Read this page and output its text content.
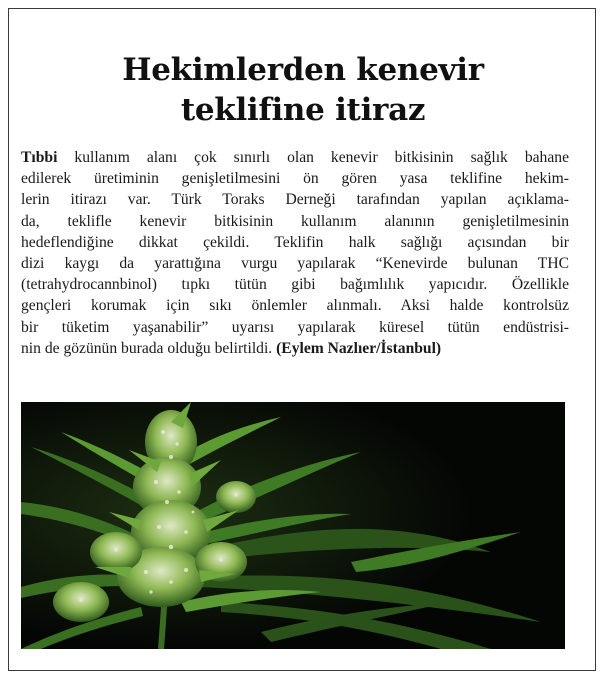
Hekimlerden kenevir
teklifine itiraz
Tıbbi kullanım alanı çok sınırlı olan kenevir bitkisinin sağlık bahane
edilerek üretiminin genişletilmesini ön gören yasa teklifine hekim-
lerin itirazı var. Türk Toraks Derneği tarafından yapılan açıklama-
da, teklifle kenevir bitkisinin kullanım alanının genişletilmesinin
hedeflendiğine dikkat çekildi. Teklifin halk sağlığı açısından bir
dizi kaygı da yarattığına vurgu yapılarak “Kenevirde bulunan THC
(tetrahydrocannbinol) tıpkı tütün gibi bağımlılık yapıcıdır. Özellikle
gençleri korumak için sıkı önlemler alınmalı. Aksi halde kontrolsüz
bir tüketim yaşanabilir” uyarısı yapılarak küresel tütün endüstrisi-
nin de gözünün burada olduğu belirtildi. (Eylem Nazlıer/İstanbul)
